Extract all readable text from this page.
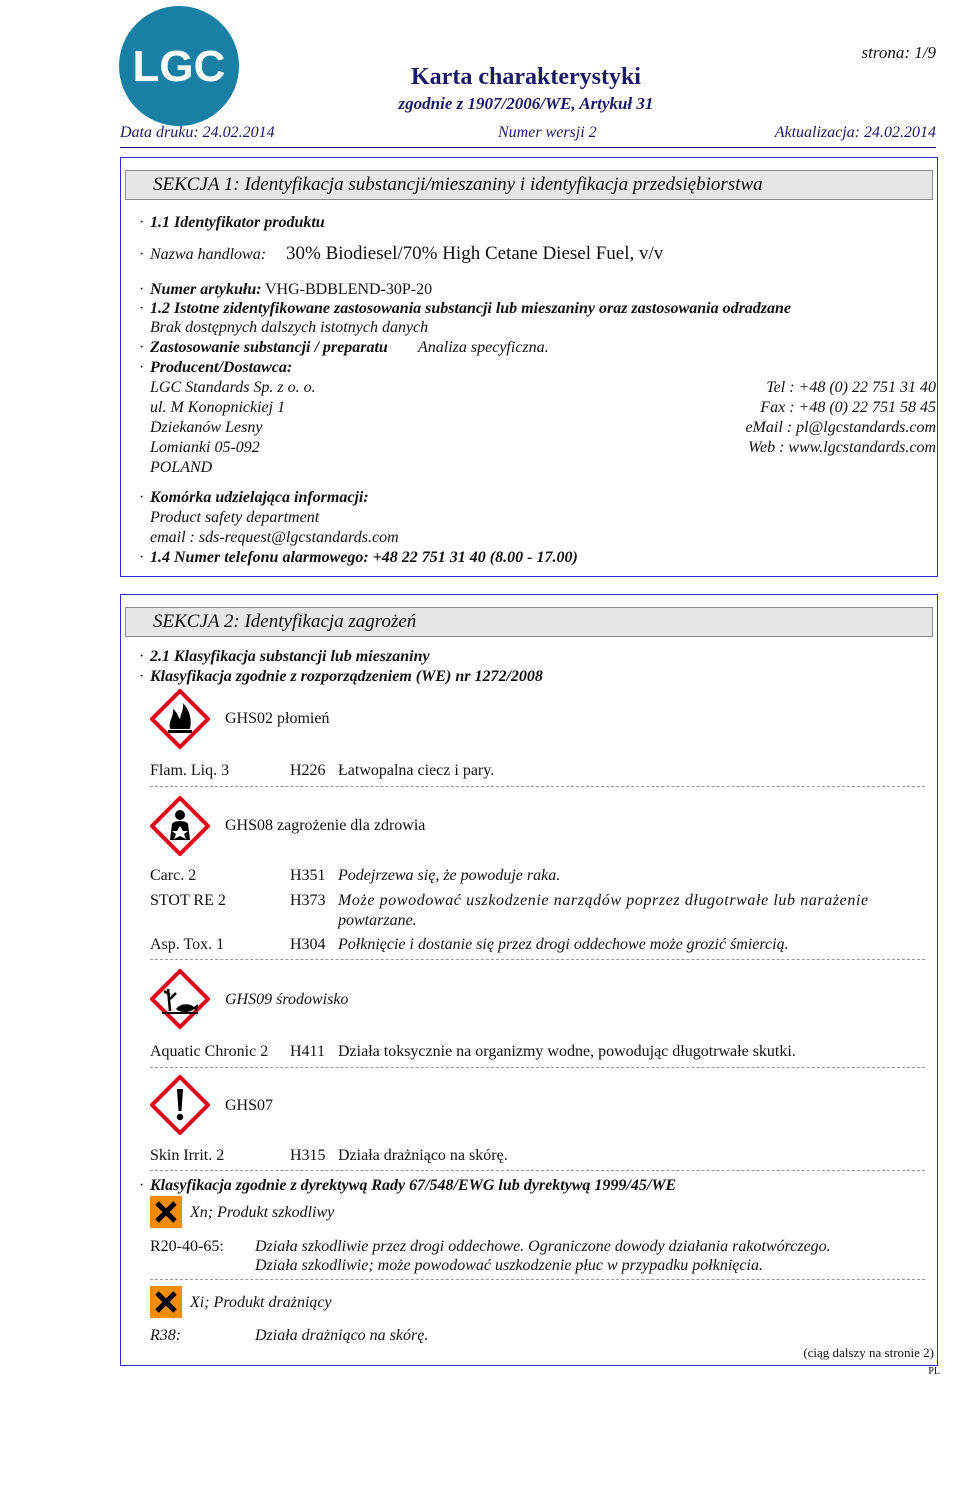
LGC	strona: 1/9
Karta charakterystyki
zgodnie z 1907/2006/WE, Artykuł 31
Data druku: 24.02.2014	Numer wersji 2	Aktualizacja: 24.02.2014
SEKCJA 1: Identyfikacja substancji/mieszaniny i identyfikacja przedsiębiorstwa
· 1.1 Identyfikator produktu
· Nazwa handlowa: 30% Biodiesel/70% High Cetane Diesel Fuel, v/v
· Numer artykułu: VHG-BDBLEND-30P-20
· 1.2 Istotne zidentyfikowane zastosowania substancji lub mieszaniny oraz zastosowania odradzane
Brak dostępnych dalszych istotnych danych
· Zastosowanie substancji / preparatu Analiza specyficzna.
· Producent/Dostawca:
LGC Standards Sp. z o. o.
ul. M Konopnickiej 1
Dziekanów Lesny
Lomianki 05-092
POLAND
Tel : +48 (0) 22 751 31 40
Fax : +48 (0) 22 751 58 45
eMail : pl@lgcstandards.com
Web : www.lgcstandards.com
· Komórka udzielająca informacji:
Product safety department
email : sds-request@lgcstandards.com
· 1.4 Numer telefonu alarmowego: +48 22 751 31 40 (8.00 - 17.00)
SEKCJA 2: Identyfikacja zagrożeń
· 2.1 Klasyfikacja substancji lub mieszaniny
· Klasyfikacja zgodnie z rozporządzeniem (WE) nr 1272/2008
GHS02 płomień
Flam. Liq. 3	H226 Łatwopalna ciecz i pary.
GHS08 zagrożenie dla zdrowia
Carc. 2	H351 Podejrzewa się, że powoduje raka.
STOT RE 2	H373 Może powodować uszkodzenie narządów poprzez długotrwałe lub narażenie
powtarzane.
Asp. Tox. 1	H304 Połknięcie i dostanie się przez drogi oddechowe może grozić śmiercią.
GHS09 środowisko
Aquatic Chronic 2 H411 Działa toksycznie na organizmy wodne, powodując długotrwałe skutki.
GHS07
Skin Irrit. 2	H315 Działa drażniąco na skórę.
· Klasyfikacja zgodnie z dyrektywą Rady 67/548/EWG lub dyrektywą 1999/45/WE
Xn; Produkt szkodliwy
R20-40-65: Działa szkodliwie przez drogi oddechowe. Ograniczone dowody działania rakotwórczego.
Działa szkodliwie; może powodować uszkodzenie płuc w przypadku połknięcia.
Xi; Produkt drażniący
R38:	Działa drażniąco na skórę.
(ciąg dalszy na stronie 2)
PL
